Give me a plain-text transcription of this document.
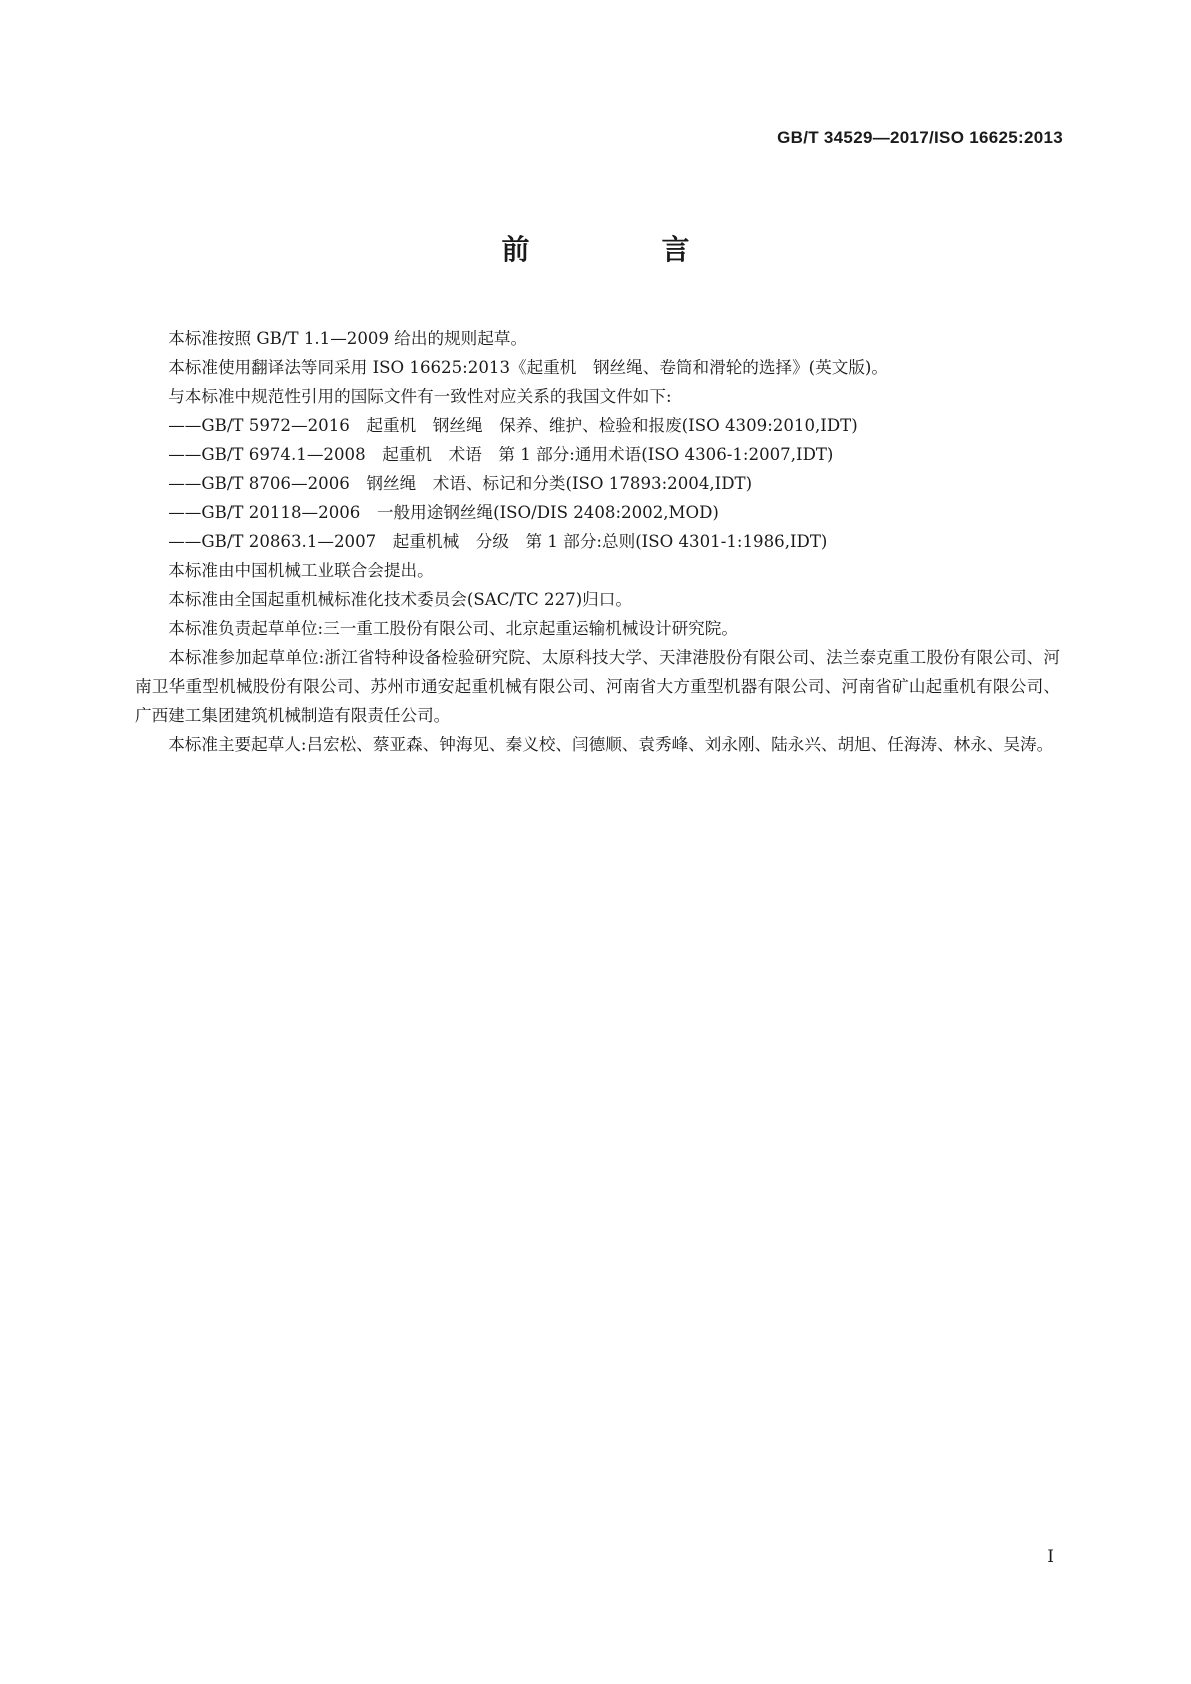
GB/T 34529—2017/ISO 16625:2013
前　言

本标准按照 GB/T 1.1—2009 给出的规则起草。

本标准使用翻译法等同采用 ISO 16625:2013《起重机　钢丝绳、卷筒和滑轮的选择》(英文版)。

与本标准中规范性引用的国际文件有一致性对应关系的我国文件如下:

——GB/T 5972—2016　起重机　钢丝绳　保养、维护、检验和报废(ISO 4309:2010,IDT)

——GB/T 6974.1—2008　起重机　术语　第 1 部分:通用术语(ISO 4306-1:2007,IDT)

——GB/T 8706—2006　钢丝绳　术语、标记和分类(ISO 17893:2004,IDT)

——GB/T 20118—2006　一般用途钢丝绳(ISO/DIS 2408:2002,MOD)

——GB/T 20863.1—2007　起重机械　分级　第 1 部分:总则(ISO 4301-1:1986,IDT)

本标准由中国机械工业联合会提出。

本标准由全国起重机械标准化技术委员会(SAC/TC 227)归口。

本标准负责起草单位:三一重工股份有限公司、北京起重运输机械设计研究院。

本标准参加起草单位:浙江省特种设备检验研究院、太原科技大学、天津港股份有限公司、法兰泰克重工股份有限公司、河南卫华重型机械股份有限公司、苏州市通安起重机械有限公司、河南省大方重型机器有限公司、河南省矿山起重机有限公司、广西建工集团建筑机械制造有限责任公司。

本标准主要起草人:吕宏松、蔡亚森、钟海见、秦义校、闫德顺、袁秀峰、刘永刚、陆永兴、胡旭、任海涛、林永、吴涛。

I
